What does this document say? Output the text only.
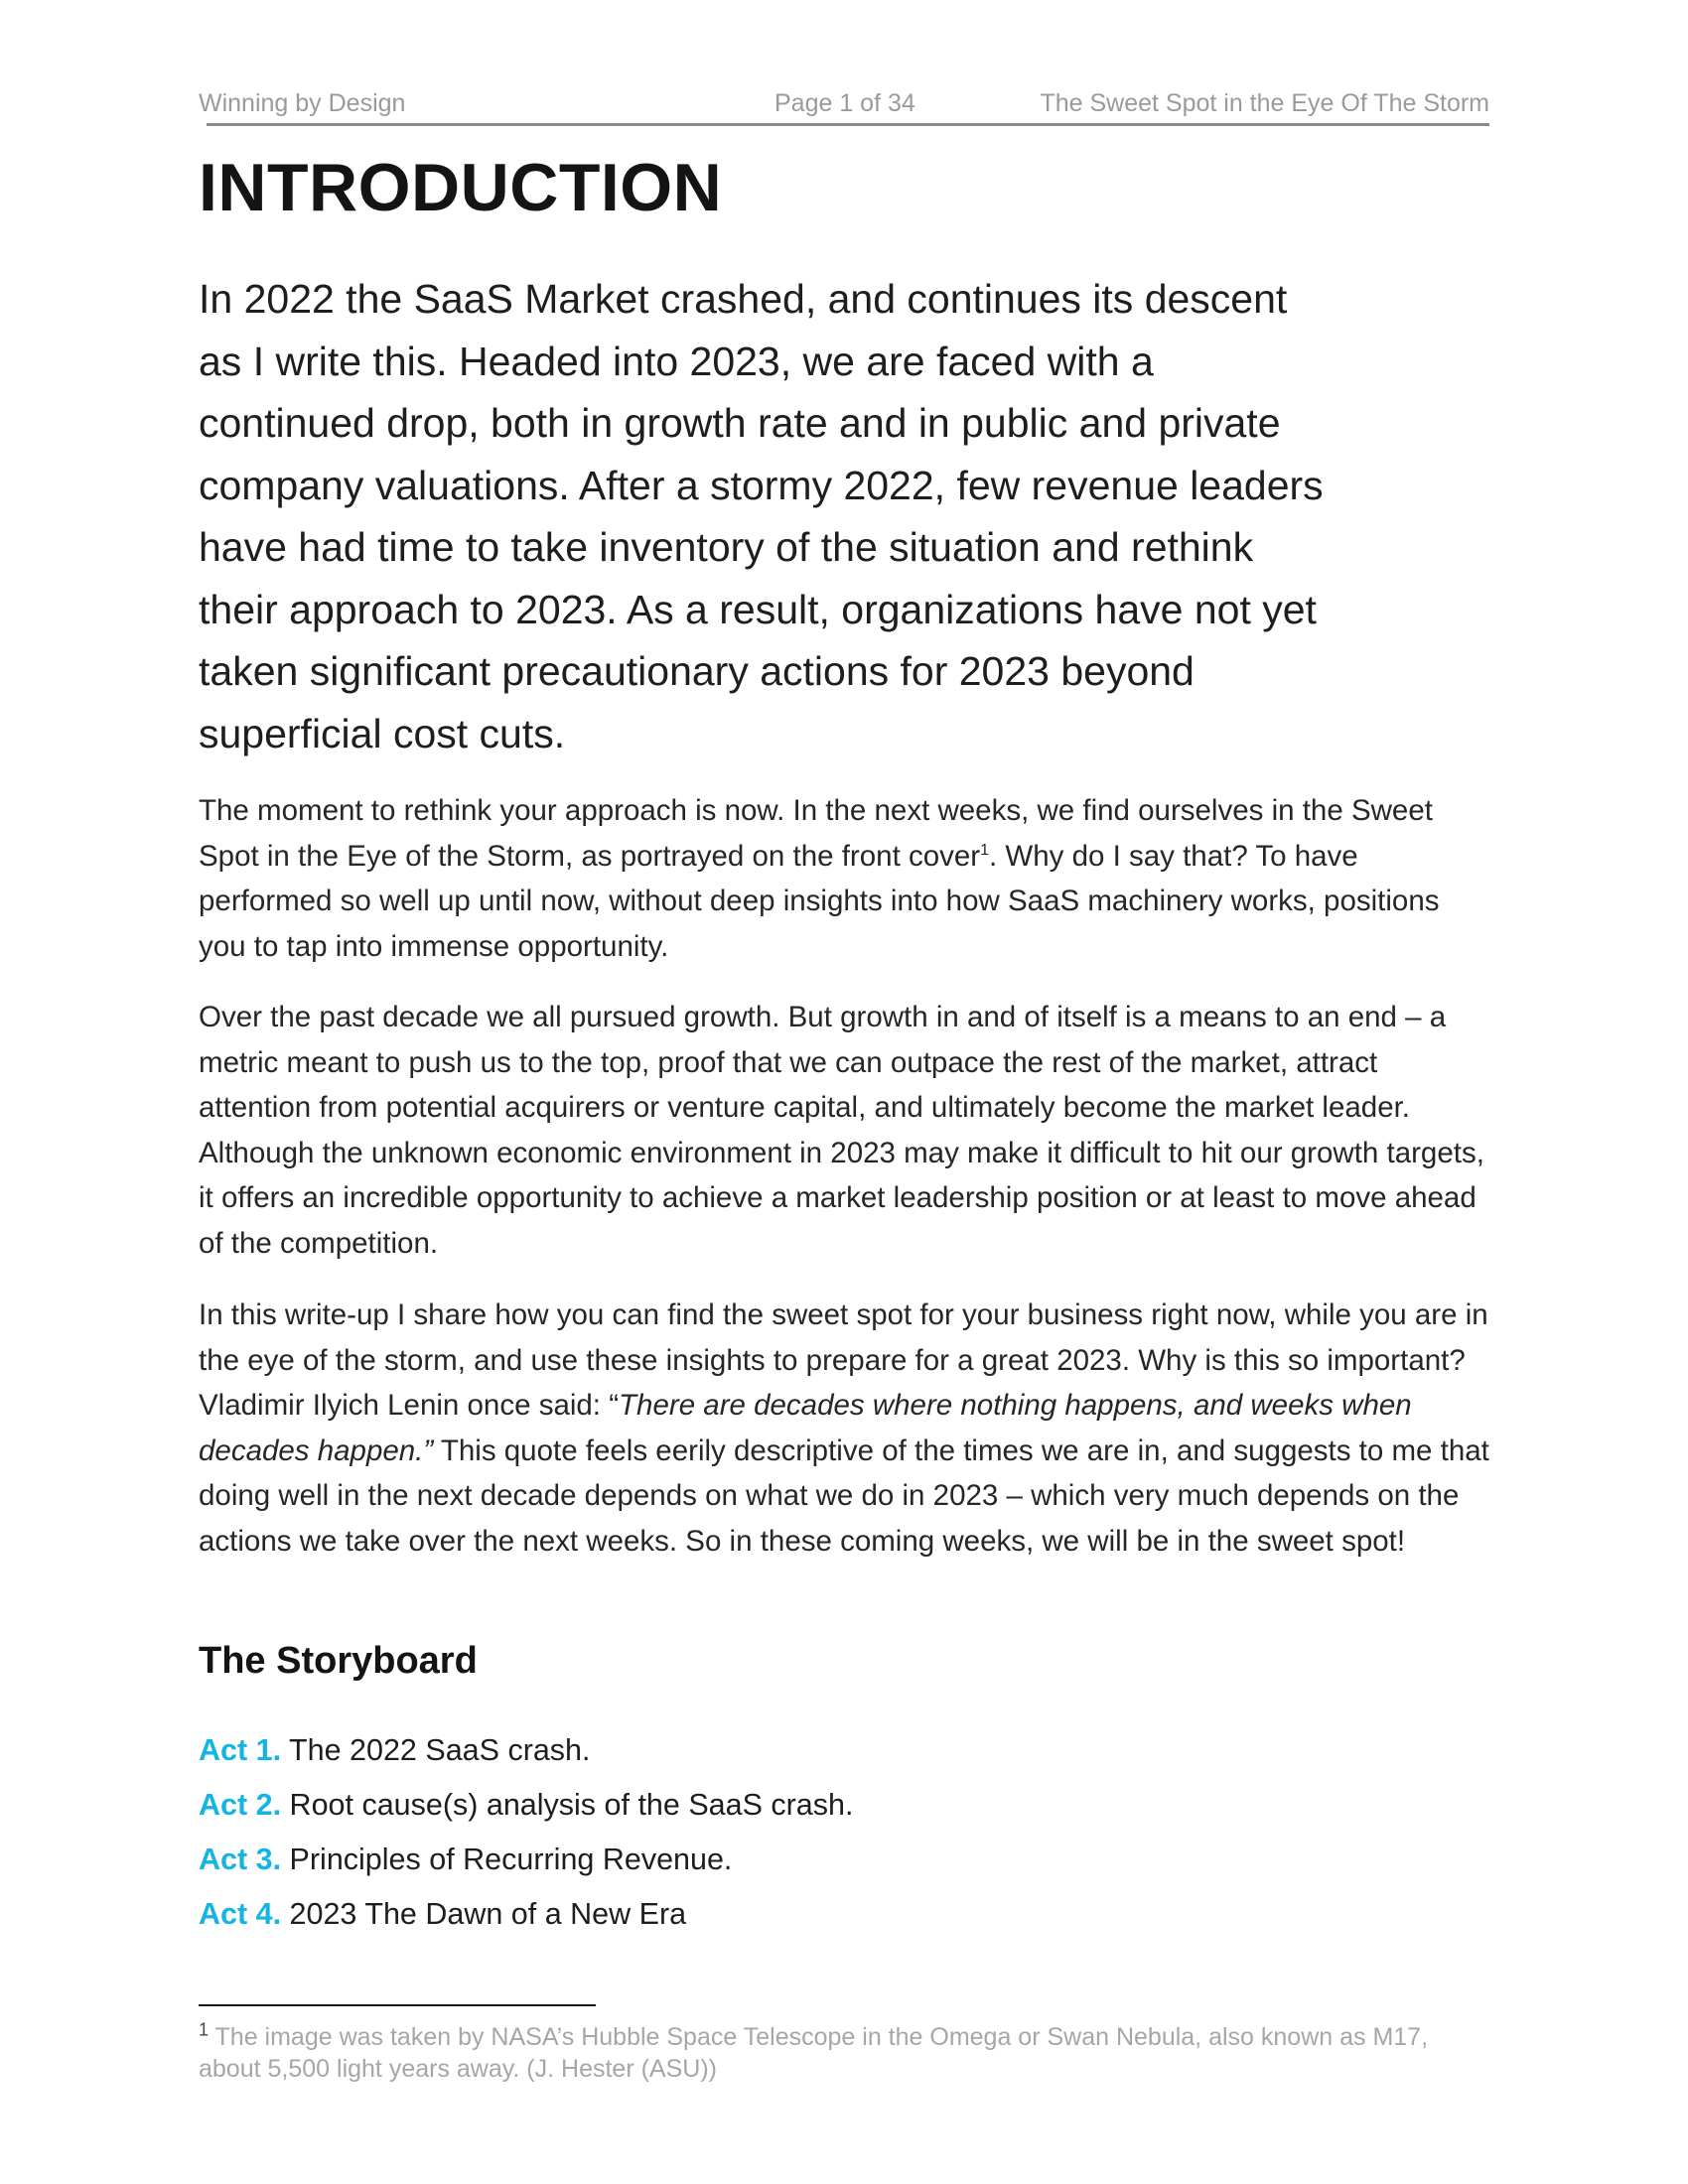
Winning by Design	Page 1 of 34	The Sweet Spot in the Eye Of The Storm
INTRODUCTION

In 2022 the SaaS Market crashed, and continues its descent as I write this. Headed into 2023, we are faced with a continued drop, both in growth rate and in public and private company valuations. After a stormy 2022, few revenue leaders have had time to take inventory of the situation and rethink their approach to 2023. As a result, organizations have not yet taken significant precautionary actions for 2023 beyond superficial cost cuts.

The moment to rethink your approach is now. In the next weeks, we find ourselves in the Sweet Spot in the Eye of the Storm, as portrayed on the front cover$^1$. Why do I say that? To have performed so well up until now, without deep insights into how SaaS machinery works, positions you to tap into immense opportunity.

Over the past decade we all pursued growth. But growth in and of itself is a means to an end – a metric meant to push us to the top, proof that we can outpace the rest of the market, attract attention from potential acquirers or venture capital, and ultimately become the market leader. Although the unknown economic environment in 2023 may make it difficult to hit our growth targets, it offers an incredible opportunity to achieve a market leadership position or at least to move ahead of the competition.

In this write-up I share how you can find the sweet spot for your business right now, while you are in the eye of the storm, and use these insights to prepare for a great 2023. Why is this so important? Vladimir Ilyich Lenin once said: “There are decades where nothing happens, and weeks when decades happen.” This quote feels eerily descriptive of the times we are in, and suggests to me that doing well in the next decade depends on what we do in 2023 – which very much depends on the actions we take over the next weeks. So in these coming weeks, we will be in the sweet spot!

The Storyboard
Act 1. The 2022 SaaS crash.
Act 2. Root cause(s) analysis of the SaaS crash.
Act 3. Principles of Recurring Revenue.
Act 4. 2023 The Dawn of a New Era

$^1$ The image was taken by NASA’s Hubble Space Telescope in the Omega or Swan Nebula, also known as M17, about 5,500 light years away. (J. Hester (ASU))
